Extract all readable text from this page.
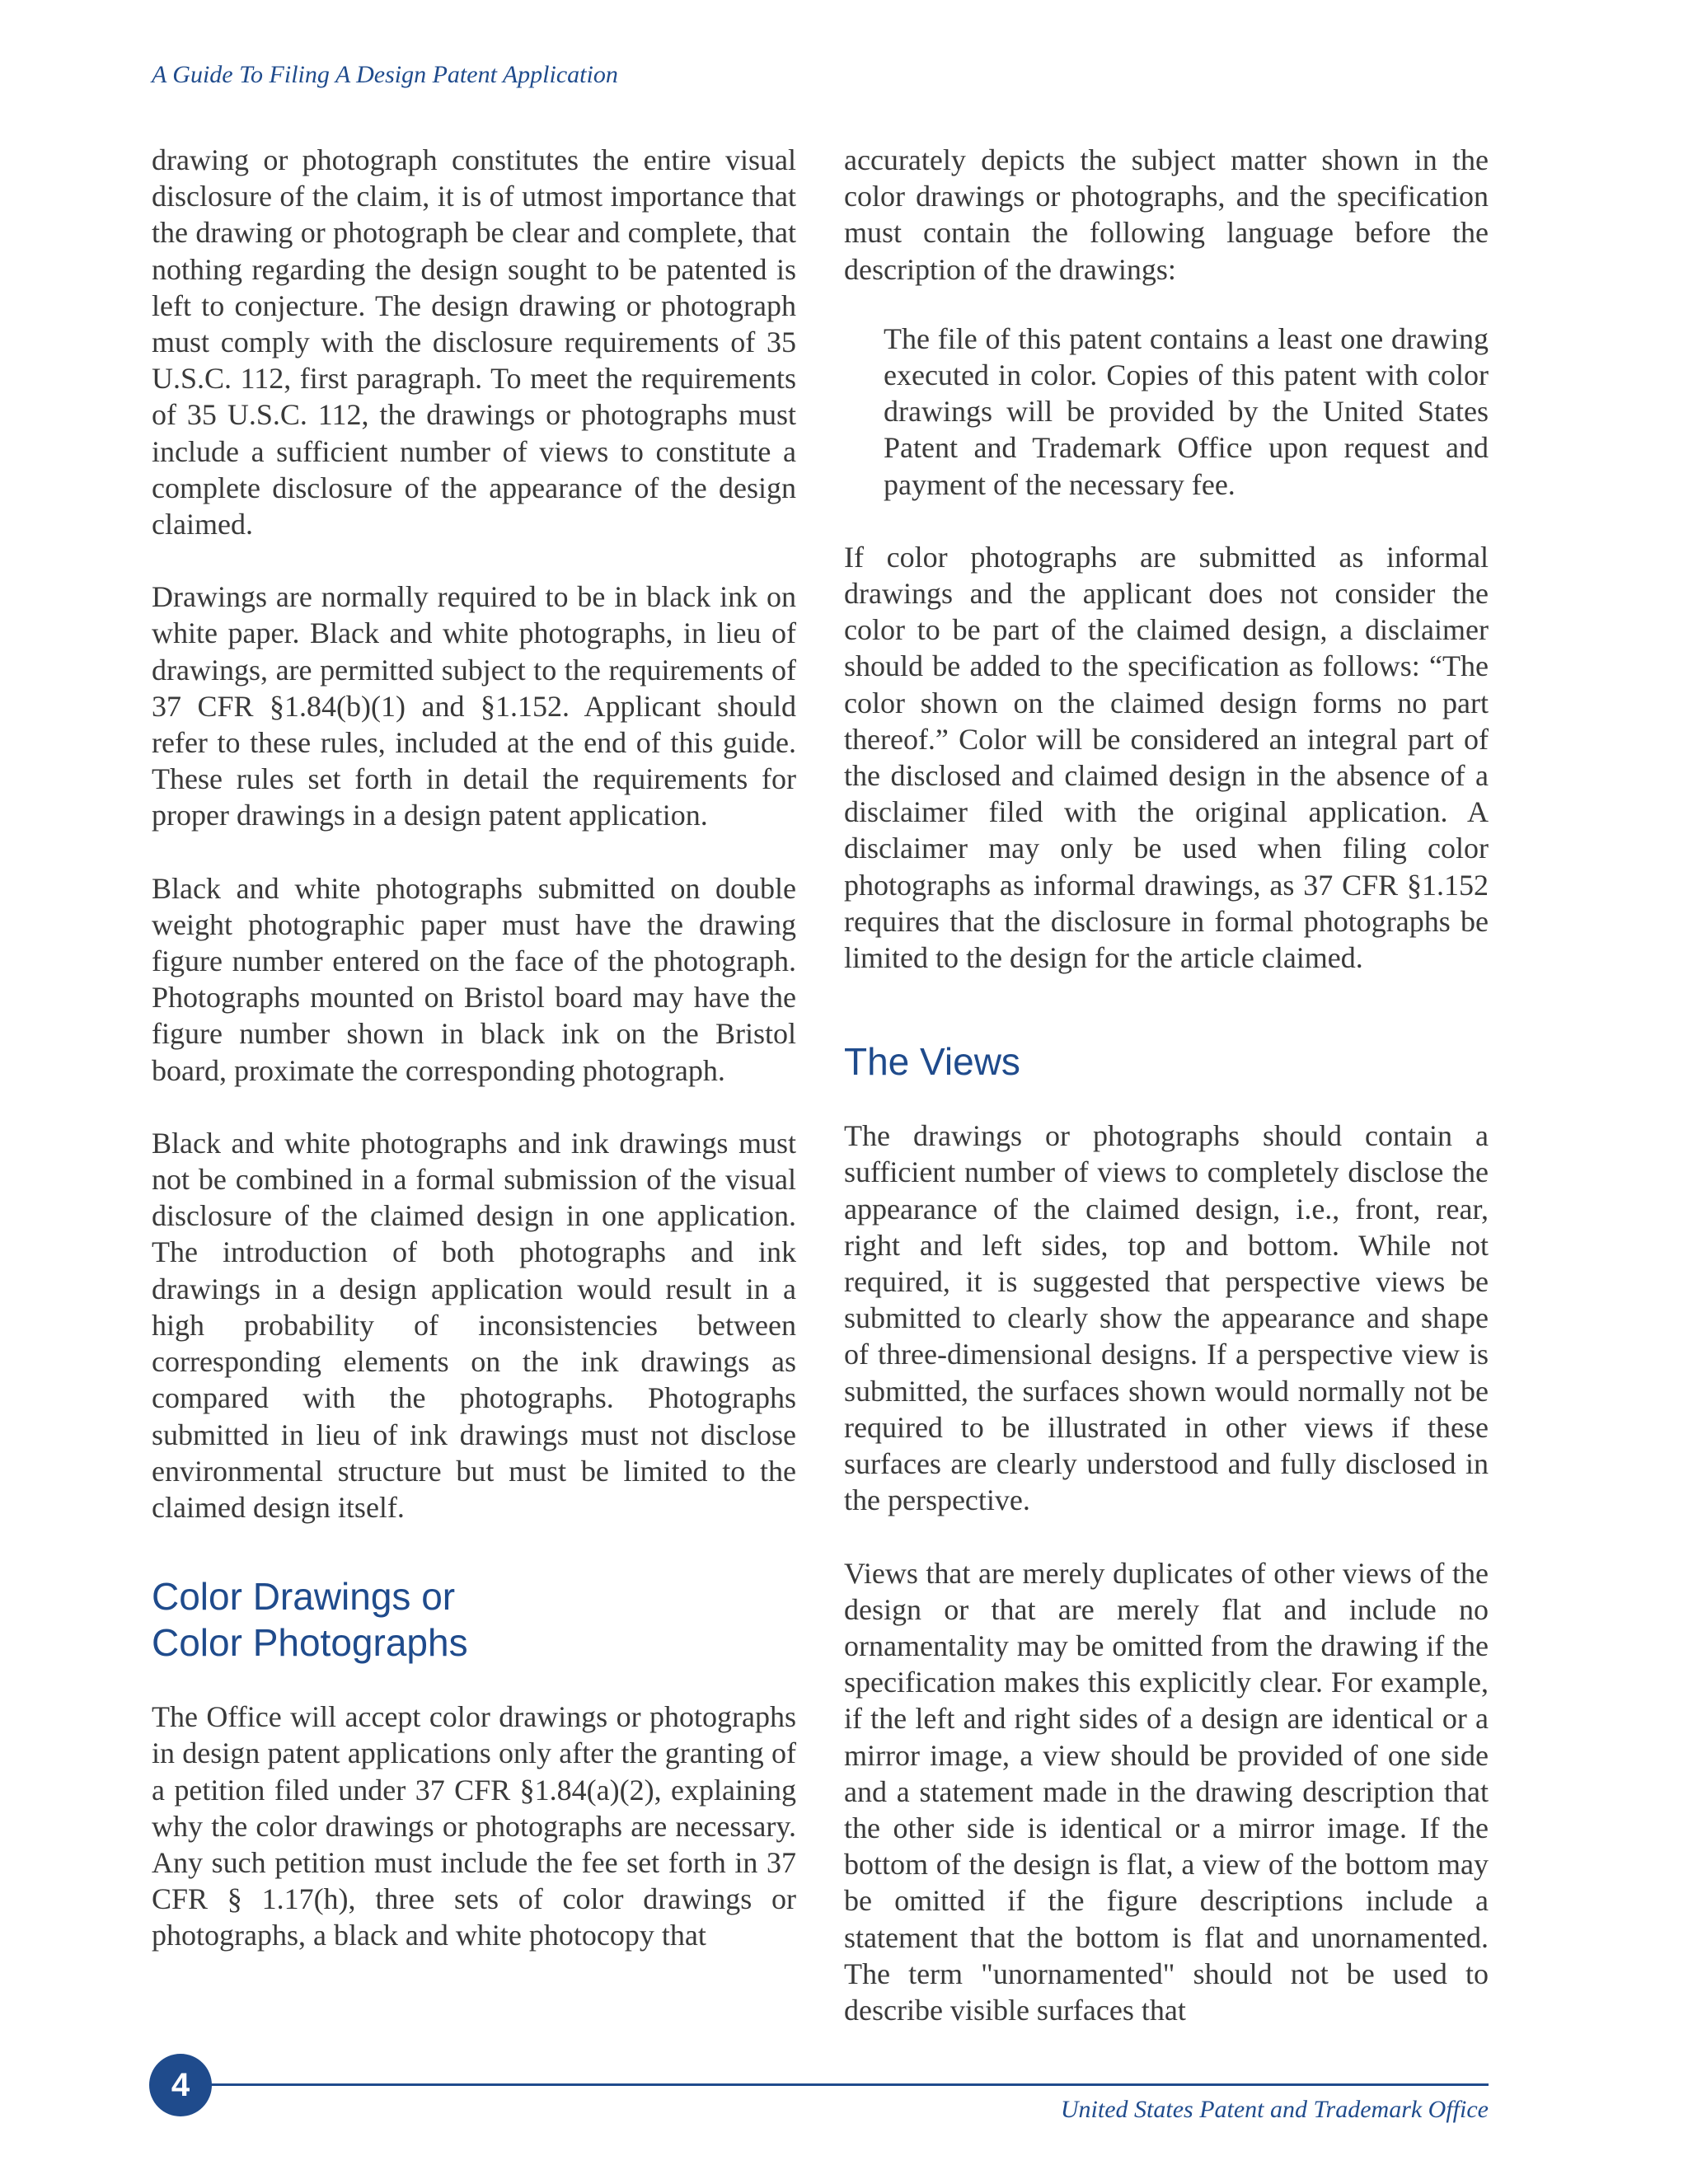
A Guide To Filing A Design Patent Application

drawing or photograph constitutes the entire visual disclosure of the claim, it is of utmost importance that the drawing or photograph be clear and complete, that nothing regarding the design sought to be patented is left to conjecture. The design drawing or photograph must comply with the disclosure requirements of 35 U.S.C. 112, first paragraph. To meet the requirements of 35 U.S.C. 112, the drawings or photographs must include a sufficient number of views to constitute a complete disclosure of the appearance of the design claimed.

Drawings are normally required to be in black ink on white paper. Black and white photographs, in lieu of drawings, are permitted subject to the requirements of 37 CFR §1.84(b)(1) and §1.152. Applicant should refer to these rules, included at the end of this guide. These rules set forth in detail the requirements for proper drawings in a design patent application.

Black and white photographs submitted on double weight photographic paper must have the drawing figure number entered on the face of the photograph. Photographs mounted on Bristol board may have the figure number shown in black ink on the Bristol board, proximate the corresponding photograph.

Black and white photographs and ink drawings must not be combined in a formal submission of the visual disclosure of the claimed design in one application. The introduction of both photographs and ink drawings in a design application would result in a high probability of inconsistencies between corresponding elements on the ink drawings as compared with the photographs. Photographs submitted in lieu of ink drawings must not disclose environmental structure but must be limited to the claimed design itself.

Color Drawings or
Color Photographs

The Office will accept color drawings or photographs in design patent applications only after the granting of a petition filed under 37 CFR §1.84(a)(2), explaining why the color drawings or photographs are necessary. Any such petition must include the fee set forth in 37 CFR § 1.17(h), three sets of color drawings or photographs, a black and white photocopy that

accurately depicts the subject matter shown in the color drawings or photographs, and the specification must contain the following language before the description of the drawings:

The file of this patent contains a least one drawing executed in color. Copies of this patent with color drawings will be provided by the United States Patent and Trademark Office upon request and payment of the necessary fee.

If color photographs are submitted as informal drawings and the applicant does not consider the color to be part of the claimed design, a disclaimer should be added to the specification as follows: “The color shown on the claimed design forms no part thereof.” Color will be considered an integral part of the disclosed and claimed design in the absence of a disclaimer filed with the original application. A disclaimer may only be used when filing color photographs as informal drawings, as 37 CFR §1.152 requires that the disclosure in formal photographs be limited to the design for the article claimed.

The Views

The drawings or photographs should contain a sufficient number of views to completely disclose the appearance of the claimed design, i.e., front, rear, right and left sides, top and bottom. While not required, it is suggested that perspective views be submitted to clearly show the appearance and shape of three-dimensional designs. If a perspective view is submitted, the surfaces shown would normally not be required to be illustrated in other views if these surfaces are clearly understood and fully disclosed in the perspective.

Views that are merely duplicates of other views of the design or that are merely flat and include no ornamentality may be omitted from the drawing if the specification makes this explicitly clear. For example, if the left and right sides of a design are identical or a mirror image, a view should be provided of one side and a statement made in the drawing description that the other side is identical or a mirror image. If the bottom of the design is flat, a view of the bottom may be omitted if the figure descriptions include a statement that the bottom is flat and unornamented. The term "unornamented" should not be used to describe visible surfaces that

4

United States Patent and Trademark Office
